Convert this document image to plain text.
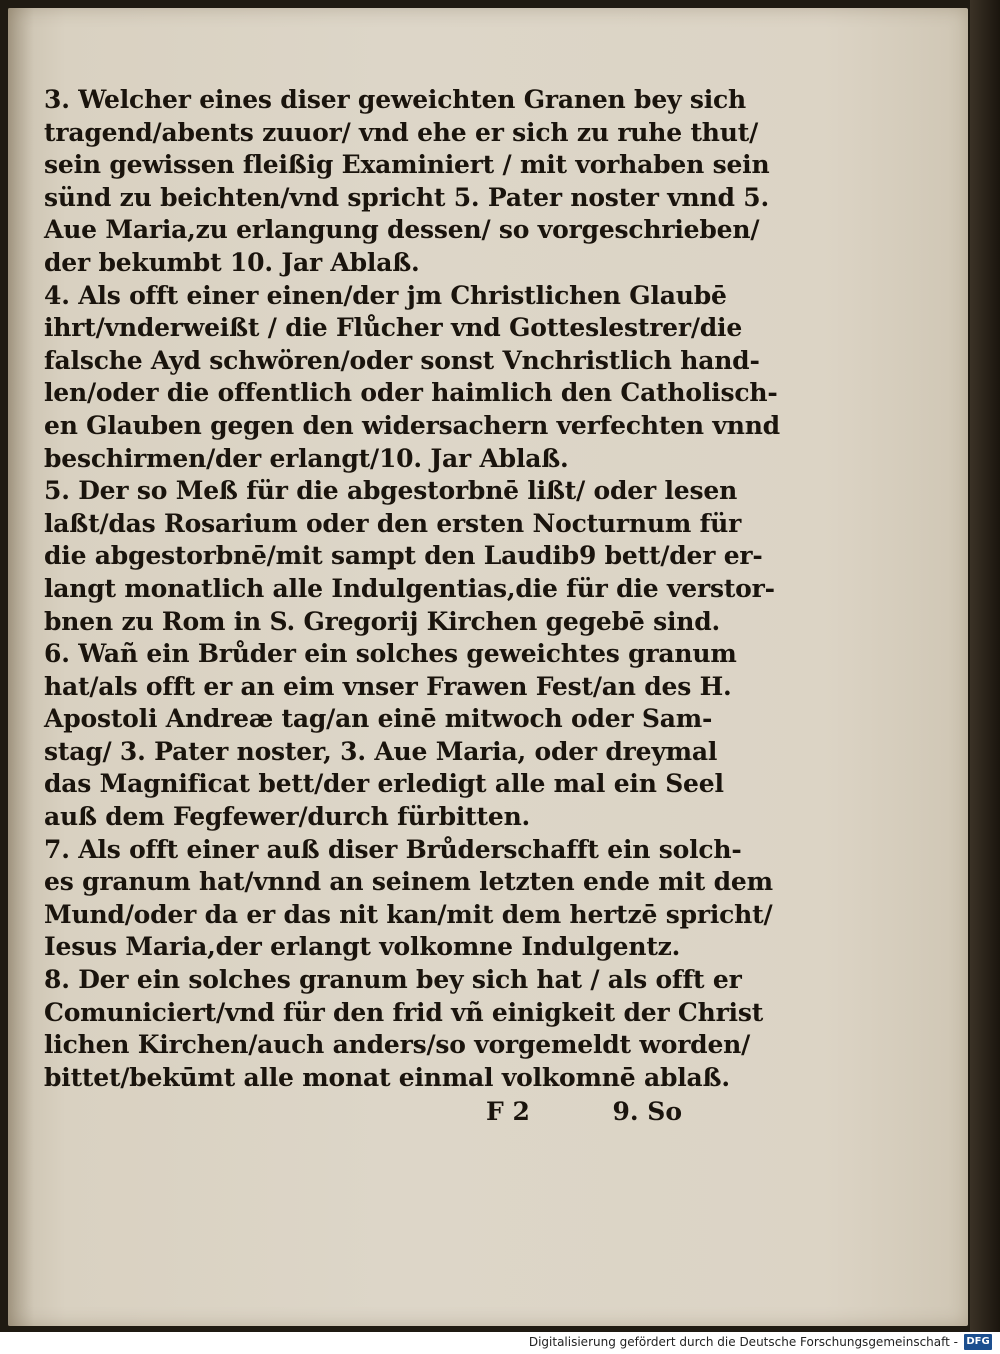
3. Welcher eines diser geweichten Granen bey sich
tragend/abents zuuor/ vnd ehe er sich zu ruhe thut/
sein gewissen fleißig Examiniert / mit vorhaben sein
sünd zu beichten/vnd spricht 5. Pater noster vnnd 5.
Aue Maria,zu erlangung dessen/ so vorgeschrieben/
der bekumbt 10. Jar Ablaß.
4. Als offt einer einen/der jm Christlichen Glaubē
ihrt/vnderweißt / die Flůcher vnd Gotteslestrer/die
falsche Ayd schwören/oder sonst Vnchristlich hand-
len/oder die offentlich oder haimlich den Catholisch-
en Glauben gegen den widersachern verfechten vnnd
beschirmen/der erlangt/10. Jar Ablaß.
5. Der so Meß für die abgestorbnē lißt/ oder lesen
laßt/das Rosarium oder den ersten Nocturnum für
die abgestorbnē/mit sampt den Laudib9 bett/der er-
langt monatlich alle Indulgentias,die für die verstor-
bnen zu Rom in S. Gregorij Kirchen gegebē sind.
6. Wañ ein Brůder ein solches geweichtes granum
hat/als offt er an eim vnser Frawen Fest/an des H.
Apostoli Andreæ tag/an einē mitwoch oder Sam-
stag/ 3. Pater noster, 3. Aue Maria, oder dreymal
das Magnificat bett/der erledigt alle mal ein Seel
auß dem Fegfewer/durch fürbitten.
7. Als offt einer auß diser Brůderschafft ein solch-
es granum hat/vnnd an seinem letzten ende mit dem
Mund/oder da er das nit kan/mit dem hertzē spricht/
Iesus Maria,der erlangt volkomne Indulgentz.
8. Der ein solches granum bey sich hat / als offt er
Comuniciert/vnd für den frid vñ einigkeit der Christ
lichen Kirchen/auch anders/so vorgemeldt worden/
bittet/bekūmt alle monat einmal volkomnē ablaß.
F 2	9. So
Digitalisierung gefördert durch die Deutsche Forschungsgemeinschaft - DFG
